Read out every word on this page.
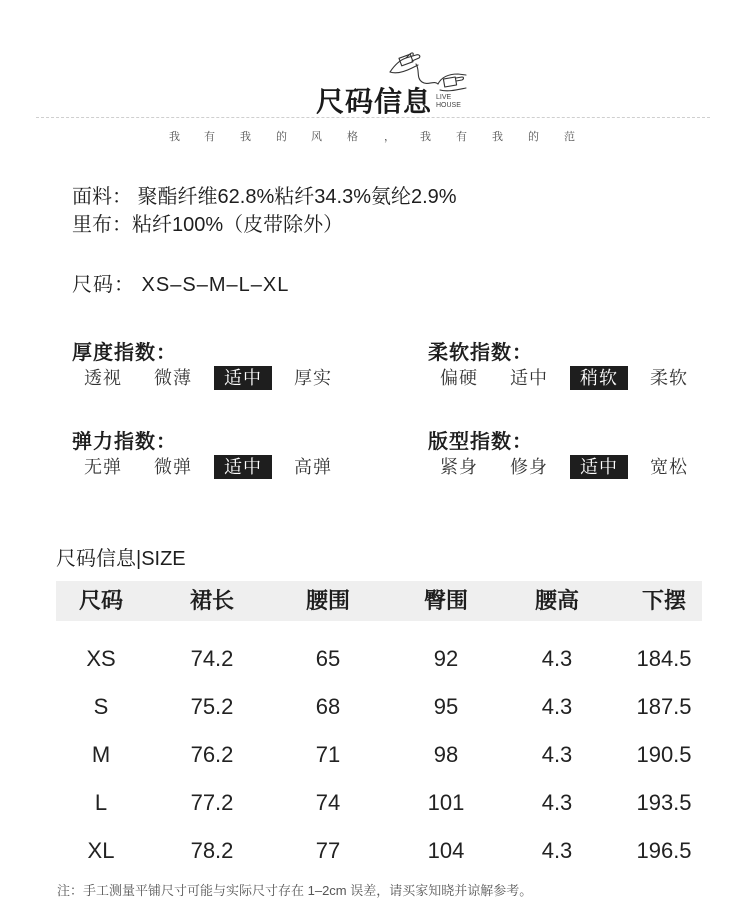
尺码信息 LIVE
HOUSE
我 有 我 的 风 格 ， 我 有 我 的 范
面料： 聚酯纤维62.8%粘纤34.3%氨纶2.9%
里布：粘纤100%（皮带除外）
尺码： XS–S–M–L–XL
厚度指数：
透视	微薄	适中	厚实
柔软指数：
偏硬	适中	稍软	柔软
弹力指数：
无弹	微弹	适中	高弹
版型指数：
紧身	修身	适中	宽松
尺码信息|SIZE
尺码	裙长	腰围	臀围	腰高	下摆
XS	74.2	65	92	4.3	184.5
S	75.2	68	95	4.3	187.5
M	76.2	71	98	4.3	190.5
L	77.2	74	101	4.3	193.5
XL	78.2	77	104	4.3	196.5
注：手工测量平铺尺寸可能与实际尺寸存在 1–2cm 误差，请买家知晓并谅解参考。
